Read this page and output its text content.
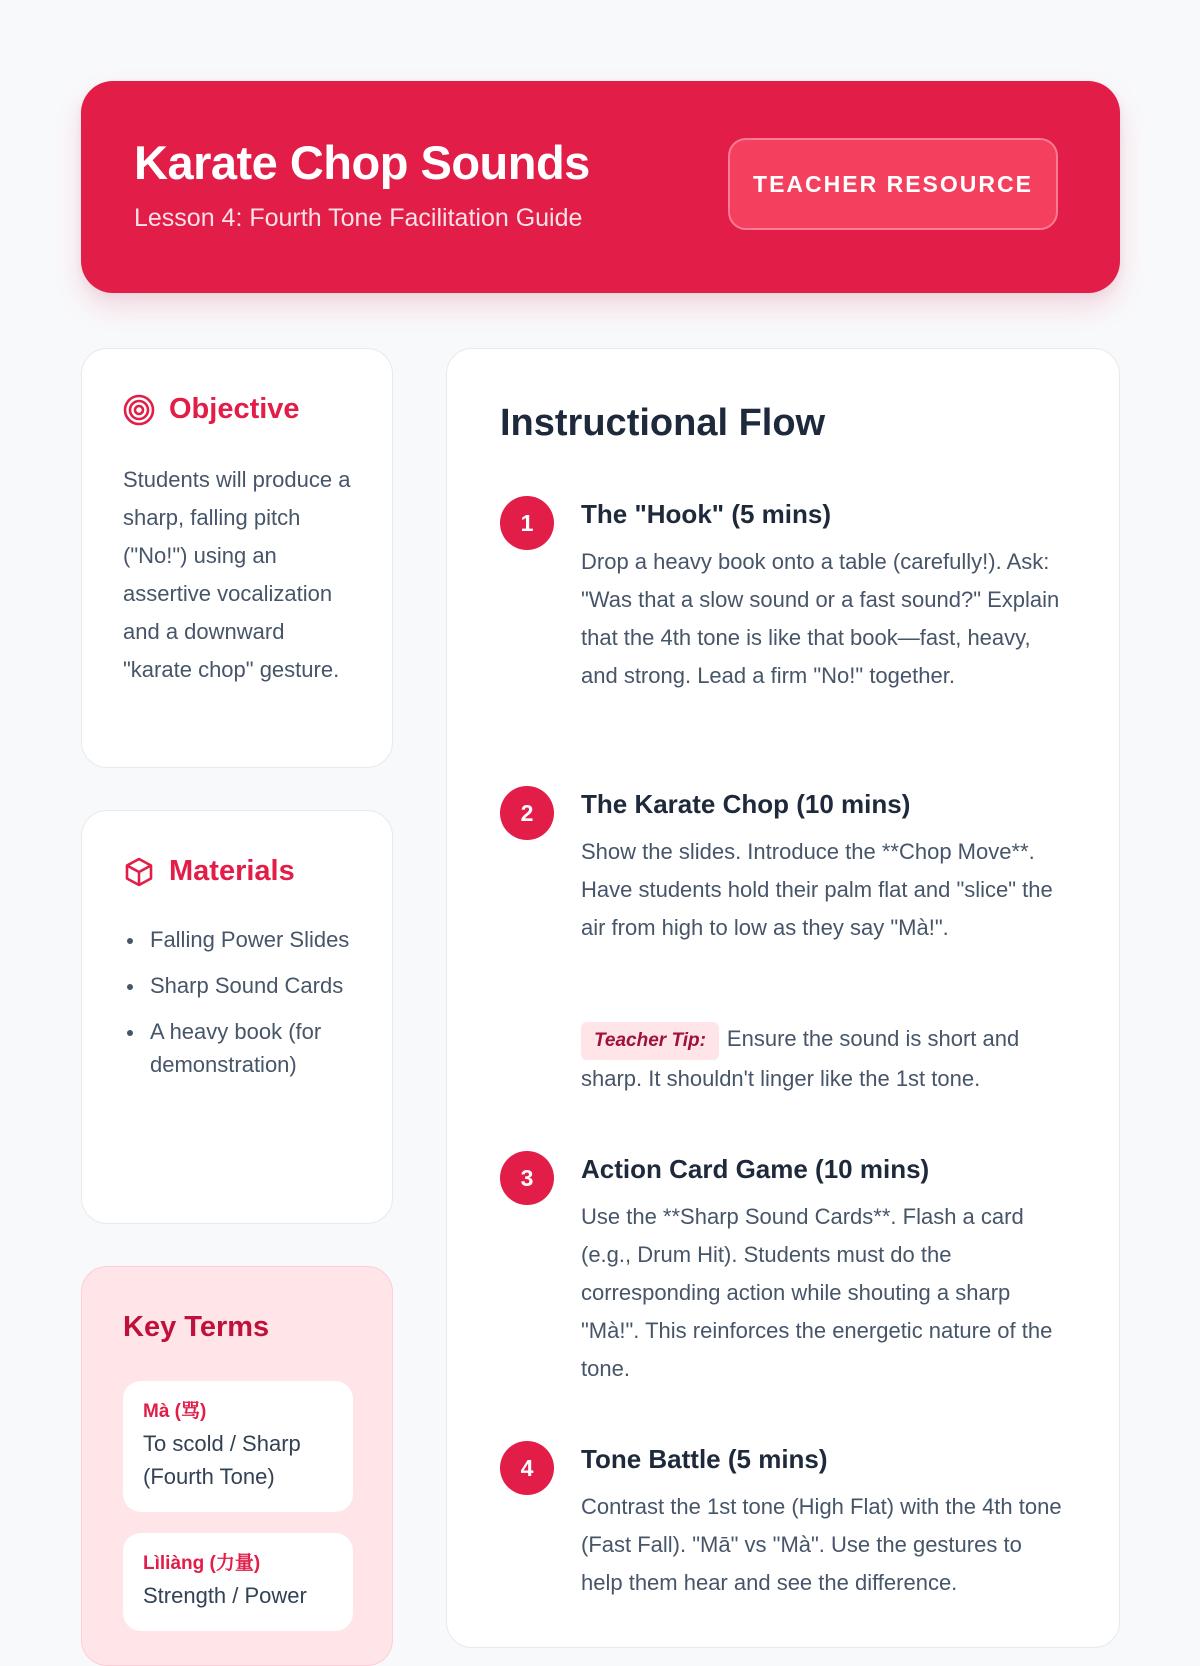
Karate Chop Sounds
Lesson 4: Fourth Tone Facilitation Guide
TEACHER RESOURCE
Objective
Students will produce a sharp, falling pitch ("No!") using an assertive vocalization and a downward "karate chop" gesture.
Materials
Falling Power Slides
Sharp Sound Cards
A heavy book (for demonstration)
Key Terms
Mà (骂)
To scold / Sharp (Fourth Tone)
Lìliàng (力量)
Strength / Power
Instructional Flow
1	The "Hook" (5 mins)
Drop a heavy book onto a table (carefully!). Ask: "Was that a slow sound or a fast sound?" Explain that the 4th tone is like that book—fast, heavy, and strong. Lead a firm "No!" together.
2	The Karate Chop (10 mins)
Show the slides. Introduce the **Chop Move**. Have students hold their palm flat and "slice" the air from high to low as they say "Mà!".
Teacher Tip: Ensure the sound is short and sharp. It shouldn't linger like the 1st tone.
3	Action Card Game (10 mins)
Use the **Sharp Sound Cards**. Flash a card (e.g., Drum Hit). Students must do the corresponding action while shouting a sharp "Mà!". This reinforces the energetic nature of the tone.
4	Tone Battle (5 mins)
Contrast the 1st tone (High Flat) with the 4th tone (Fast Fall). "Mā" vs "Mà". Use the gestures to help them hear and see the difference.
